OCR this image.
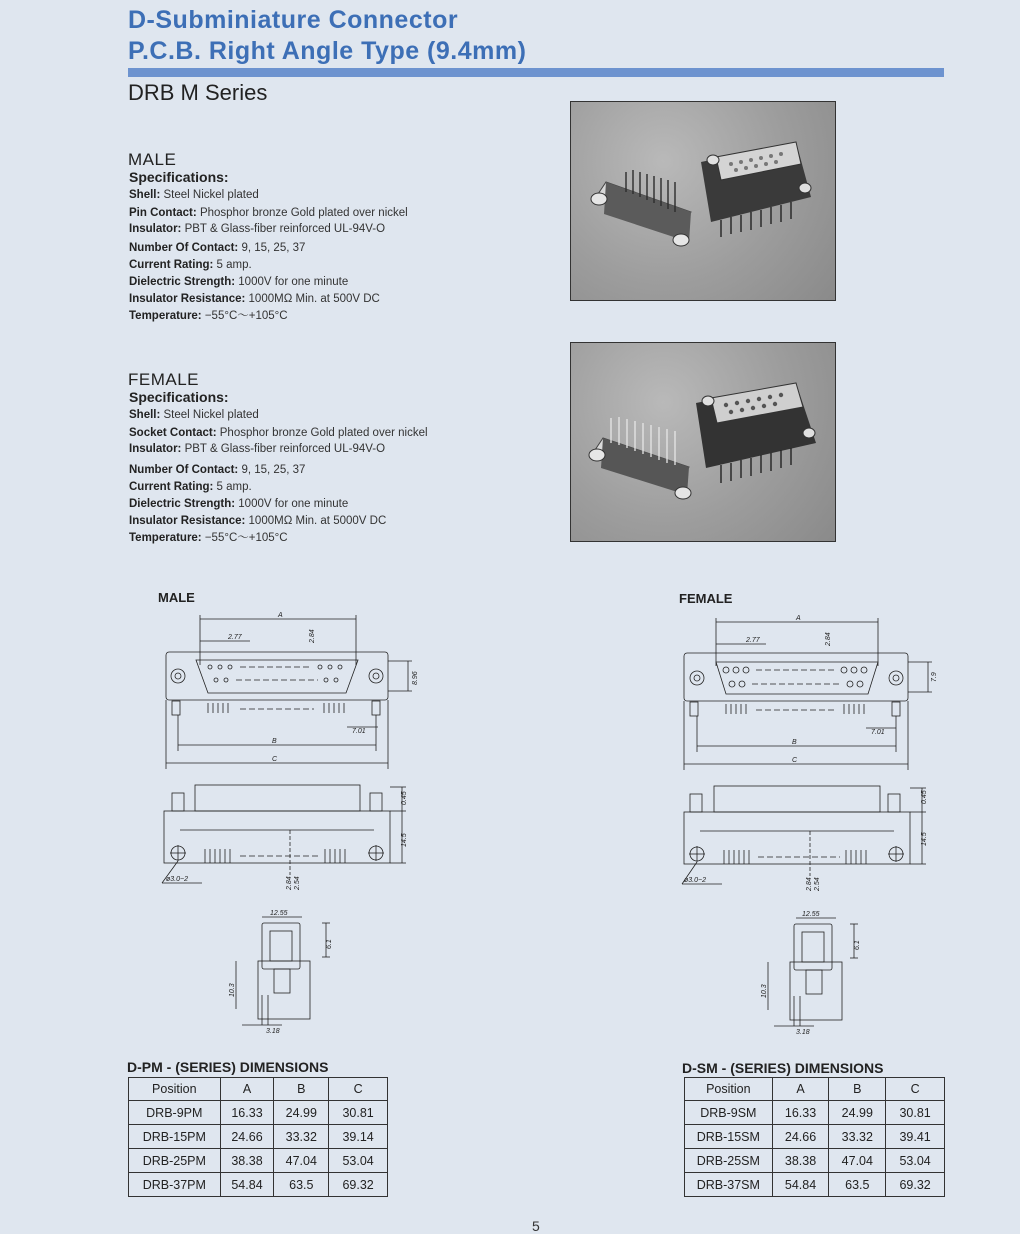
D-Subminiature Connector
P.C.B. Right Angle Type (9.4mm)
DRB M Series
MALE
Specifications:
Shell: Steel Nickel plated
Pin Contact: Phosphor bronze Gold plated over nickel
Insulator: PBT & Glass-fiber reinforced UL-94V-O
Number Of Contact: 9, 15, 25, 37
Current Rating: 5 amp.
Dielectric Strength: 1000V for one minute
Insulator Resistance: 1000MΩ Min. at 500V DC
Temperature: −55°C～+105°C
FEMALE
Specifications:
Shell: Steel Nickel plated
Socket Contact: Phosphor bronze Gold plated over nickel
Insulator: PBT & Glass-fiber reinforced UL-94V-O
Number Of Contact: 9, 15, 25, 37
Current Rating: 5 amp.
Dielectric Strength: 1000V for one minute
Insulator Resistance: 1000MΩ Min. at 5000V DC
Temperature: −55°C～+105°C
MALE	FEMALE
A
2.77	2.84
8.96
7.01
B
C
0.45
14.5
2.84 2.54
ø3.0−2
12.55
6.1
10.3
3.18
A
2.77	2.84
7.9
7.01
B
C
0.45
14.5
2.84 2.54
ø3.0−2
12.55
6.1
10.3
3.18
D-PM - (SERIES) DIMENSIONS
Position	A	B	C
DRB-9PM	16.33	24.99	30.81
DRB-15PM	24.66	33.32	39.14
DRB-25PM	38.38	47.04	53.04
DRB-37PM	54.84	63.5	69.32
D-SM - (SERIES) DIMENSIONS
Position	A	B	C
DRB-9SM	16.33	24.99	30.81
DRB-15SM	24.66	33.32	39.41
DRB-25SM	38.38	47.04	53.04
DRB-37SM	54.84	63.5	69.32
5
